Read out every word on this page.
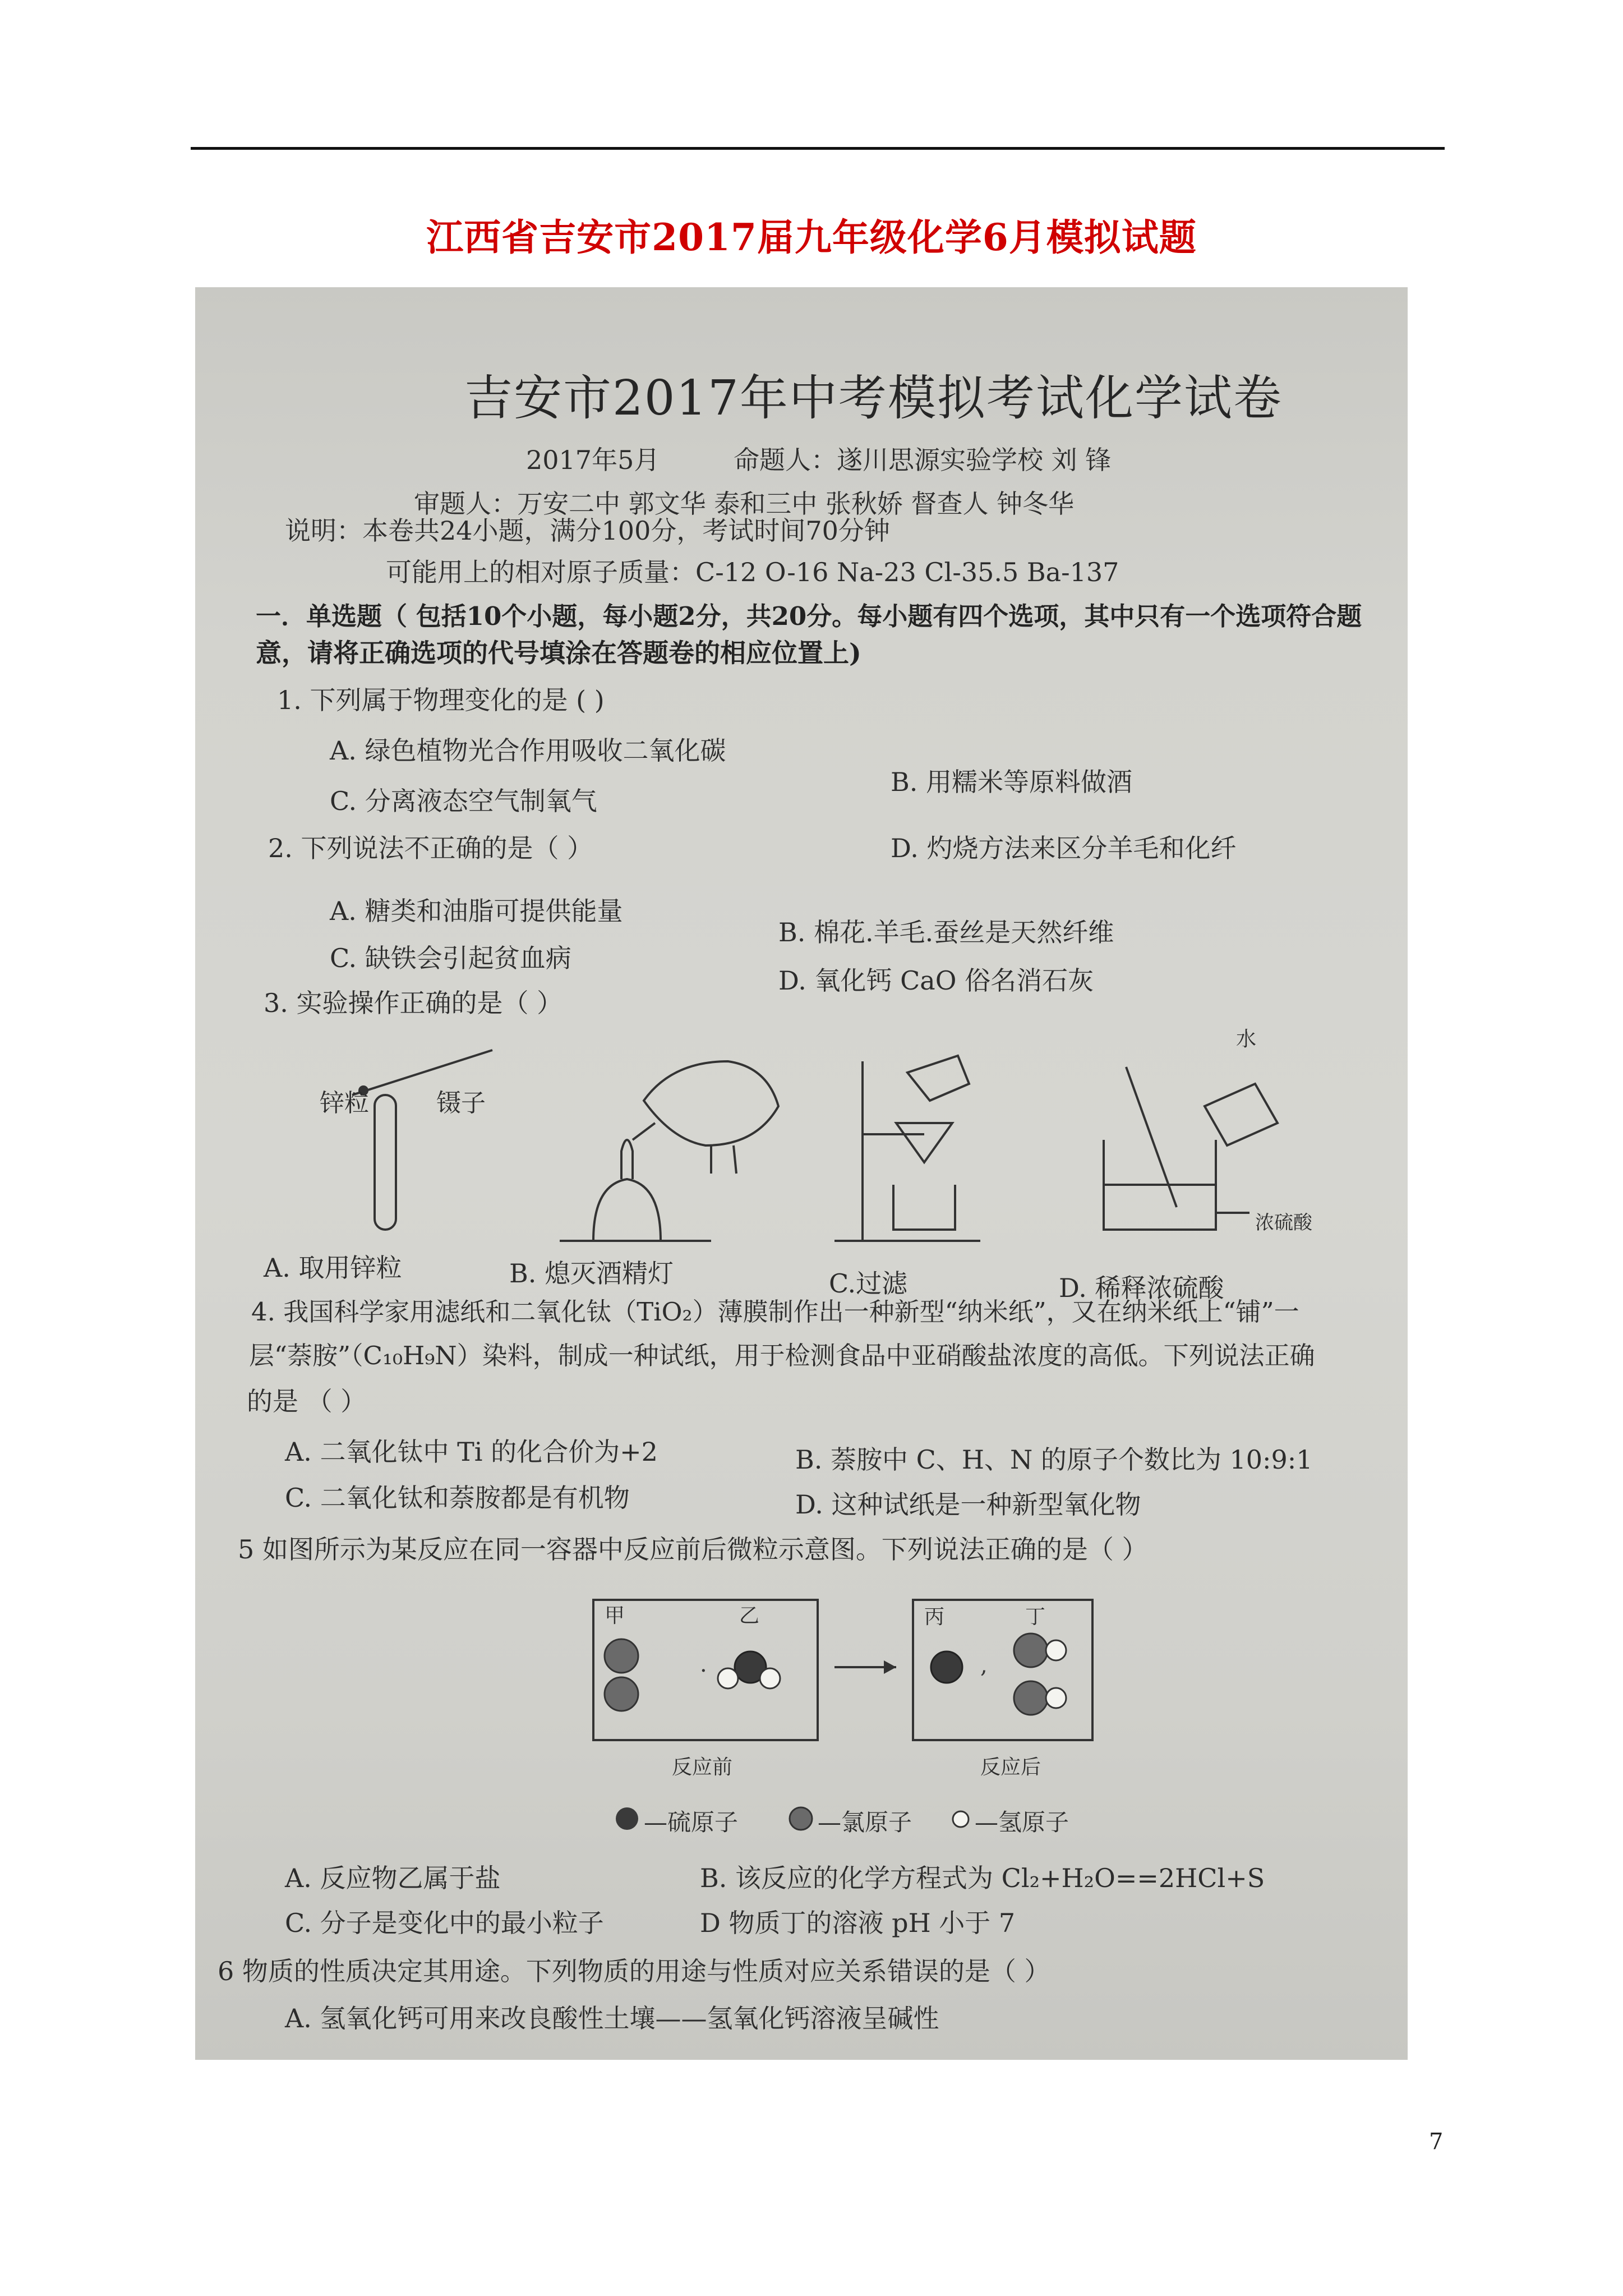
江西省吉安市2017届九年级化学6月模拟试题
吉安市2017年中考模拟考试化学试卷
2017年5月	命题人：遂川思源实验学校 刘 锋
审题人：万安二中 郭文华 泰和三中 张秋娇 督查人 钟冬华
说明：本卷共24小题，满分100分，考试时间70分钟
可能用上的相对原子质量：C-12 O-16 Na-23 Cl-35.5 Ba-137
一．单选题（ 包括10个小题，每小题2分，共20分。每小题有四个选项，其中只有一个选项符合题
意，请将正确选项的代号填涂在答题卷的相应位置上)
1. 下列属于物理变化的是 ( )
A. 绿色植物光合作用吸收二氧化碳
B. 用糯米等原料做酒
C. 分离液态空气制氧气
D. 灼烧方法来区分羊毛和化纤
2. 下列说法不正确的是（ ）
A. 糖类和油脂可提供能量
B. 棉花.羊毛.蚕丝是天然纤维
C. 缺铁会引起贫血病
D. 氧化钙 CaO 俗名消石灰
3. 实验操作正确的是（ ）
锌粒	镊子
水
浓硫酸
A. 取用锌粒	B. 熄灭酒精灯	C.过滤	D. 稀释浓硫酸
4. 我国科学家用滤纸和二氧化钛（TiO₂）薄膜制作出一种新型“纳米纸”，又在纳米纸上“铺”一
层“萘胺”（C₁₀H₉N）染料，制成一种试纸，用于检测食品中亚硝酸盐浓度的高低。下列说法正确
的是 （ ）
A. 二氧化钛中 Ti 的化合价为+2	B. 萘胺中 C、H、N 的原子个数比为 10:9:1
C. 二氧化钛和萘胺都是有机物	D. 这种试纸是一种新型氧化物
5 如图所示为某反应在同一容器中反应前后微粒示意图。下列说法正确的是（ ）
·	,
甲	乙	丙	丁
反应前	反应后
—硫原子	—氯原子	—氢原子
A. 反应物乙属于盐	B. 该反应的化学方程式为 Cl₂+H₂O==2HCl+S
C. 分子是变化中的最小粒子	D 物质丁的溶液 pH 小于 7
6 物质的性质决定其用途。下列物质的用途与性质对应关系错误的是（ ）
A. 氢氧化钙可用来改良酸性土壤——氢氧化钙溶液呈碱性
7
